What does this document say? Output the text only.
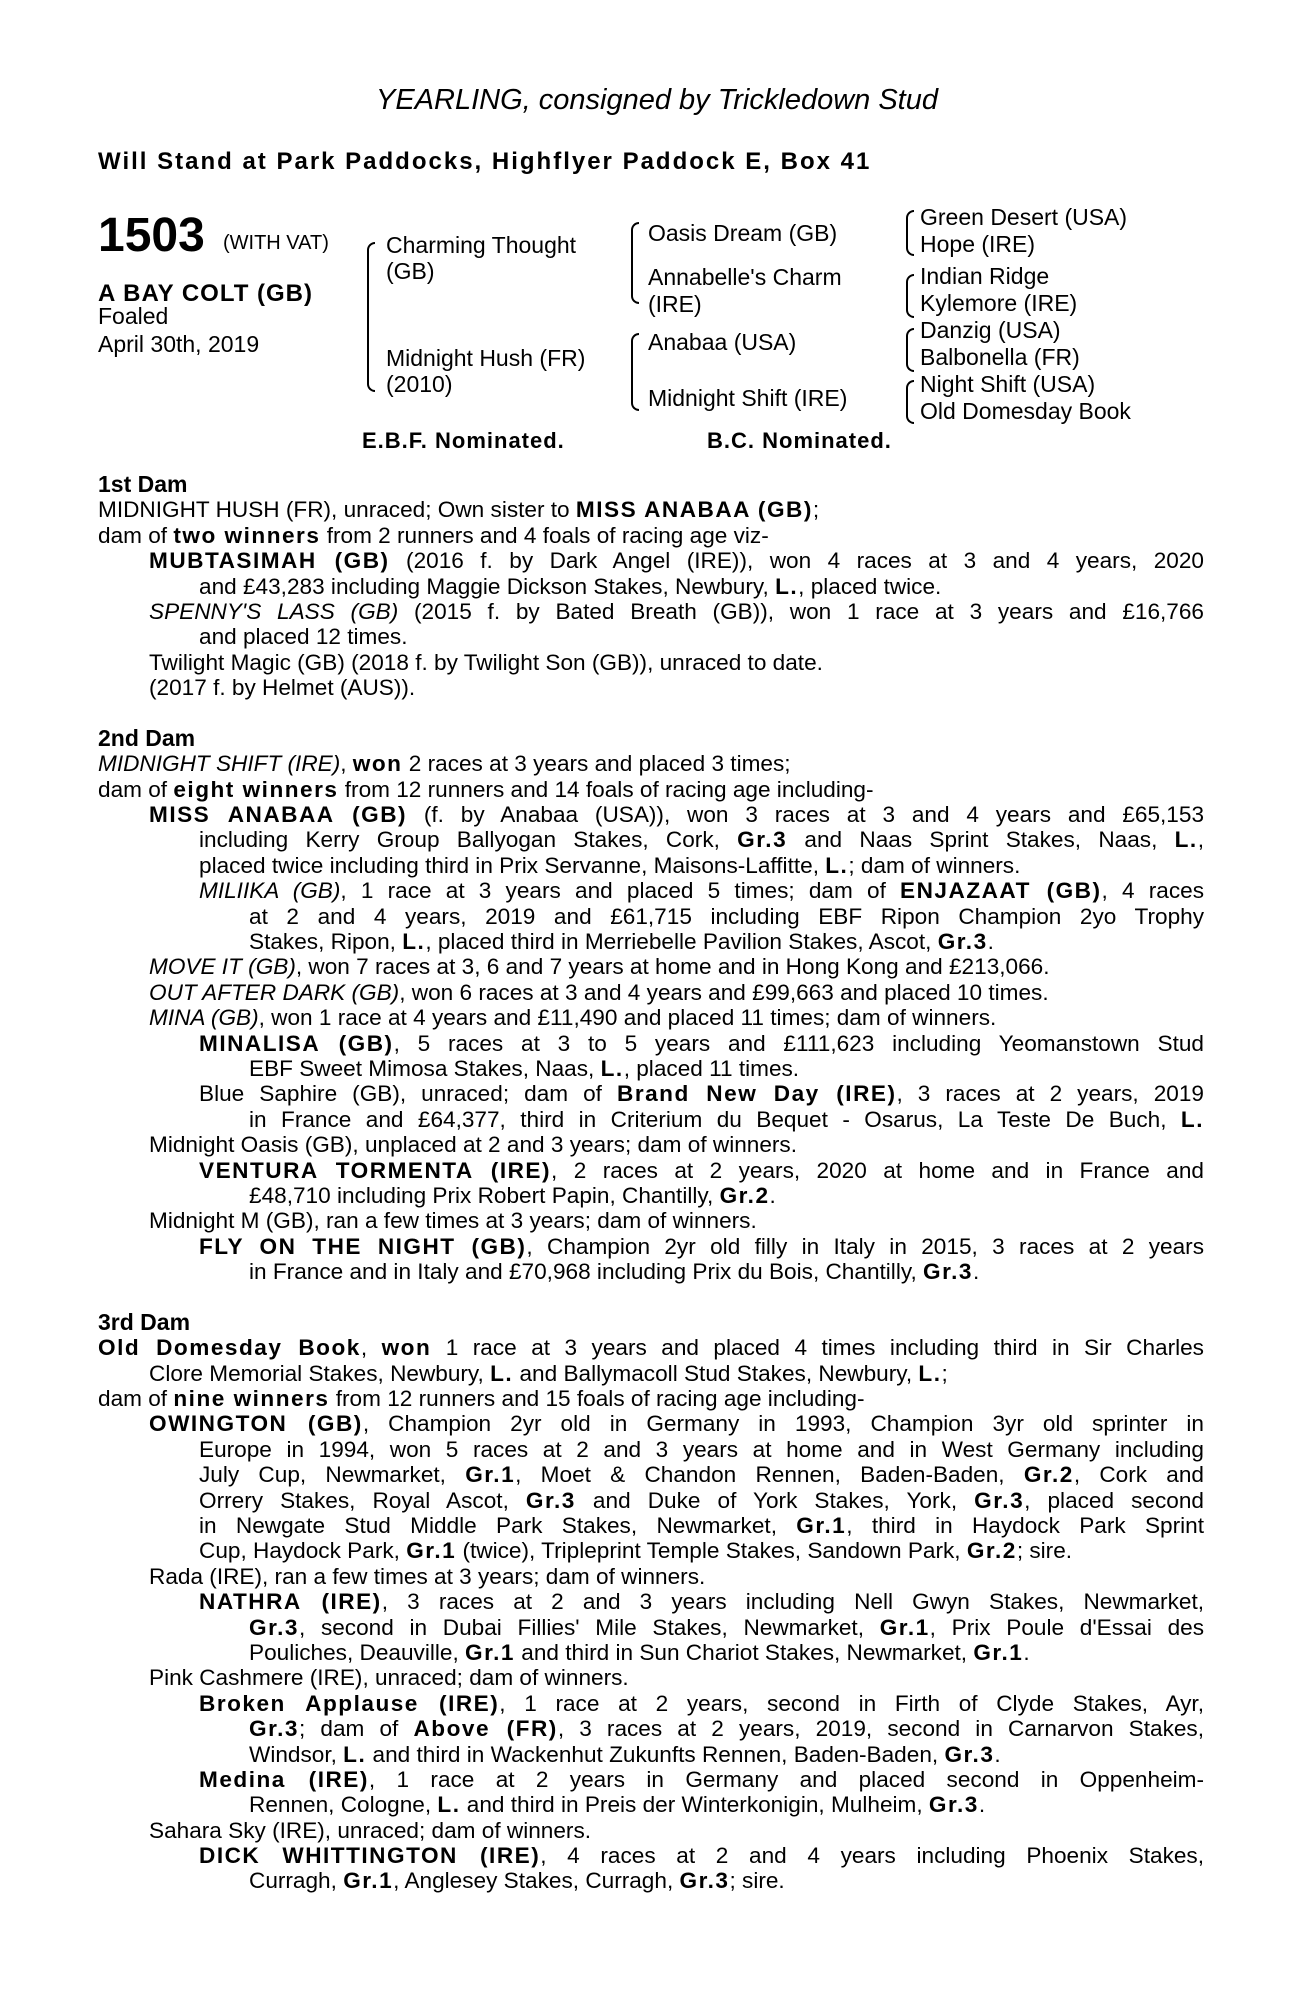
YEARLING, consigned by Trickledown Stud
Will Stand at Park Paddocks, Highflyer Paddock E, Box 41
1503 (WITH VAT)
A BAY COLT (GB)
Foaled
April 30th, 2019
Charming Thought
(GB)
Midnight Hush (FR)
(2010)
Oasis Dream (GB)
Annabelle's Charm
(IRE)
Anabaa (USA)
Midnight Shift (IRE)
Green Desert (USA)
Hope (IRE)
Indian Ridge
Kylemore (IRE)
Danzig (USA)
Balbonella (FR)
Night Shift (USA)
Old Domesday Book
E.B.F. Nominated.	B.C. Nominated.
1st Dam
MIDNIGHT HUSH (FR), unraced; Own sister to MISS ANABAA (GB);
dam of two winners from 2 runners and 4 foals of racing age viz-
MUBTASIMAH (GB) (2016 f. by Dark Angel (IRE)), won 4 races at 3 and 4 years, 2020
and £43,283 including Maggie Dickson Stakes, Newbury, L., placed twice.
SPENNY'S LASS (GB) (2015 f. by Bated Breath (GB)), won 1 race at 3 years and £16,766
and placed 12 times.
Twilight Magic (GB) (2018 f. by Twilight Son (GB)), unraced to date.
(2017 f. by Helmet (AUS)).
2nd Dam
MIDNIGHT SHIFT (IRE), won 2 races at 3 years and placed 3 times;
dam of eight winners from 12 runners and 14 foals of racing age including-
MISS ANABAA (GB) (f. by Anabaa (USA)), won 3 races at 3 and 4 years and £65,153
including Kerry Group Ballyogan Stakes, Cork, Gr.3 and Naas Sprint Stakes, Naas, L.,
placed twice including third in Prix Servanne, Maisons-Laffitte, L.; dam of winners.
MILIIKA (GB), 1 race at 3 years and placed 5 times; dam of ENJAZAAT (GB), 4 races
at 2 and 4 years, 2019 and £61,715 including EBF Ripon Champion 2yo Trophy
Stakes, Ripon, L., placed third in Merriebelle Pavilion Stakes, Ascot, Gr.3.
MOVE IT (GB), won 7 races at 3, 6 and 7 years at home and in Hong Kong and £213,066.
OUT AFTER DARK (GB), won 6 races at 3 and 4 years and £99,663 and placed 10 times.
MINA (GB), won 1 race at 4 years and £11,490 and placed 11 times; dam of winners.
MINALISA (GB), 5 races at 3 to 5 years and £111,623 including Yeomanstown Stud
EBF Sweet Mimosa Stakes, Naas, L., placed 11 times.
Blue Saphire (GB), unraced; dam of Brand New Day (IRE), 3 races at 2 years, 2019
in France and £64,377, third in Criterium du Bequet - Osarus, La Teste De Buch, L.
Midnight Oasis (GB), unplaced at 2 and 3 years; dam of winners.
VENTURA TORMENTA (IRE), 2 races at 2 years, 2020 at home and in France and
£48,710 including Prix Robert Papin, Chantilly, Gr.2.
Midnight M (GB), ran a few times at 3 years; dam of winners.
FLY ON THE NIGHT (GB), Champion 2yr old filly in Italy in 2015, 3 races at 2 years
in France and in Italy and £70,968 including Prix du Bois, Chantilly, Gr.3.
3rd Dam
Old Domesday Book, won 1 race at 3 years and placed 4 times including third in Sir Charles
Clore Memorial Stakes, Newbury, L. and Ballymacoll Stud Stakes, Newbury, L.;
dam of nine winners from 12 runners and 15 foals of racing age including-
OWINGTON (GB), Champion 2yr old in Germany in 1993, Champion 3yr old sprinter in
Europe in 1994, won 5 races at 2 and 3 years at home and in West Germany including
July Cup, Newmarket, Gr.1, Moet & Chandon Rennen, Baden-Baden, Gr.2, Cork and
Orrery Stakes, Royal Ascot, Gr.3 and Duke of York Stakes, York, Gr.3, placed second
in Newgate Stud Middle Park Stakes, Newmarket, Gr.1, third in Haydock Park Sprint
Cup, Haydock Park, Gr.1 (twice), Tripleprint Temple Stakes, Sandown Park, Gr.2; sire.
Rada (IRE), ran a few times at 3 years; dam of winners.
NATHRA (IRE), 3 races at 2 and 3 years including Nell Gwyn Stakes, Newmarket,
Gr.3, second in Dubai Fillies' Mile Stakes, Newmarket, Gr.1, Prix Poule d'Essai des
Pouliches, Deauville, Gr.1 and third in Sun Chariot Stakes, Newmarket, Gr.1.
Pink Cashmere (IRE), unraced; dam of winners.
Broken Applause (IRE), 1 race at 2 years, second in Firth of Clyde Stakes, Ayr,
Gr.3; dam of Above (FR), 3 races at 2 years, 2019, second in Carnarvon Stakes,
Windsor, L. and third in Wackenhut Zukunfts Rennen, Baden-Baden, Gr.3.
Medina (IRE), 1 race at 2 years in Germany and placed second in Oppenheim-
Rennen, Cologne, L. and third in Preis der Winterkonigin, Mulheim, Gr.3.
Sahara Sky (IRE), unraced; dam of winners.
DICK WHITTINGTON (IRE), 4 races at 2 and 4 years including Phoenix Stakes,
Curragh, Gr.1, Anglesey Stakes, Curragh, Gr.3; sire.
